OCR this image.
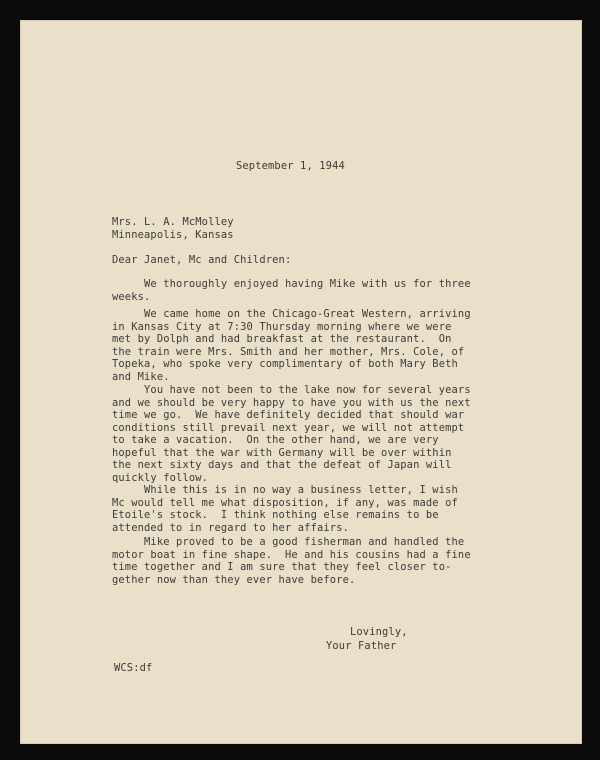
September 1, 1944
Mrs. L. A. McMolley
Minneapolis, Kansas
Dear Janet, Mc and Children:
We thoroughly enjoyed having Mike with us for three
weeks.
We came home on the Chicago-Great Western, arriving
in Kansas City at 7:30 Thursday morning where we were
met by Dolph and had breakfast at the restaurant.  On
the train were Mrs. Smith and her mother, Mrs. Cole, of
Topeka, who spoke very complimentary of both Mary Beth
and Mike.
You have not been to the lake now for several years
and we should be very happy to have you with us the next
time we go.  We have definitely decided that should war
conditions still prevail next year, we will not attempt
to take a vacation.  On the other hand, we are very
hopeful that the war with Germany will be over within
the next sixty days and that the defeat of Japan will
quickly follow.
While this is in no way a business letter, I wish
Mc would tell me what disposition, if any, was made of
Etoile's stock.  I think nothing else remains to be
attended to in regard to her affairs.
Mike proved to be a good fisherman and handled the
motor boat in fine shape.  He and his cousins had a fine
time together and I am sure that they feel closer to-
gether now than they ever have before.
Lovingly,
Your Father
WCS:df
